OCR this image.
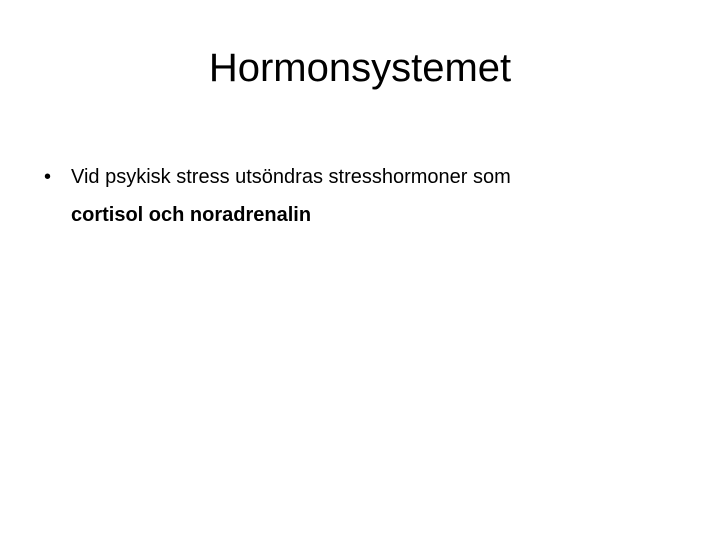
Hormonsystemet
• Vid psykisk stress utsöndras stresshormoner som
cortisol och noradrenalin
